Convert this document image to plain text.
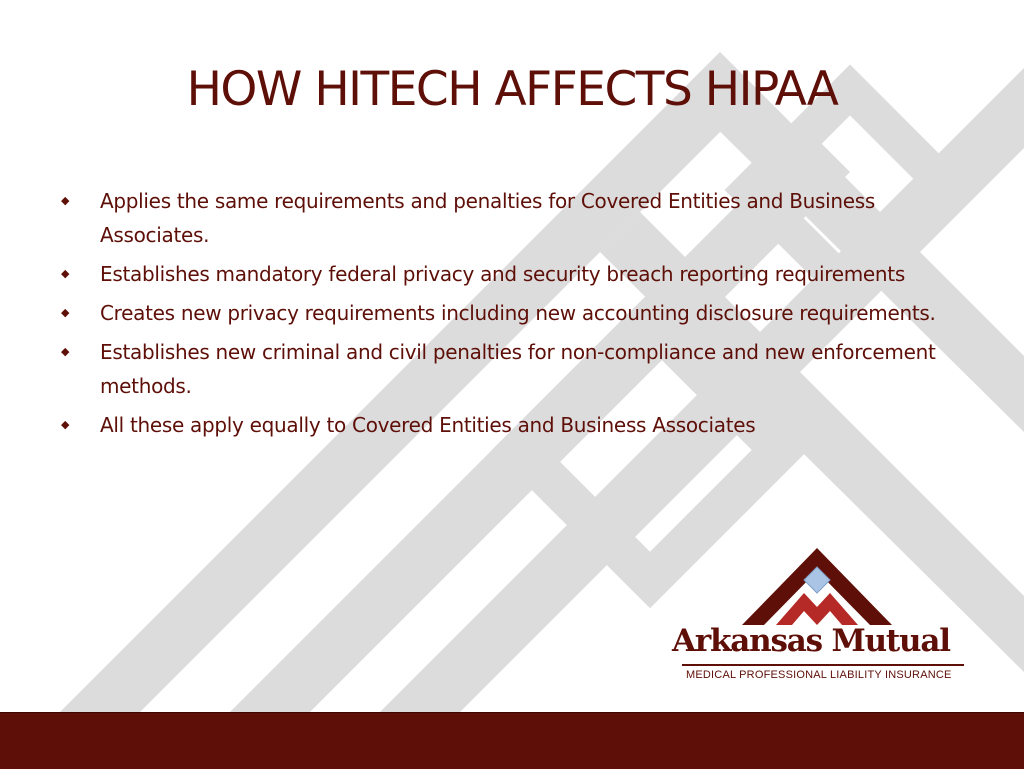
HOW HITECH AFFECTS HIPAA
◆ Applies the same requirements and penalties for Covered Entities and Business Associates.
◆ Establishes mandatory federal privacy and security breach reporting requirements
◆ Creates new privacy requirements including new accounting disclosure requirements.
◆ Establishes new criminal and civil penalties for non-compliance and new enforcement methods.
◆ All these apply equally to Covered Entities and Business Associates
Arkansas Mutual
MEDICAL PROFESSIONAL LIABILITY INSURANCE
